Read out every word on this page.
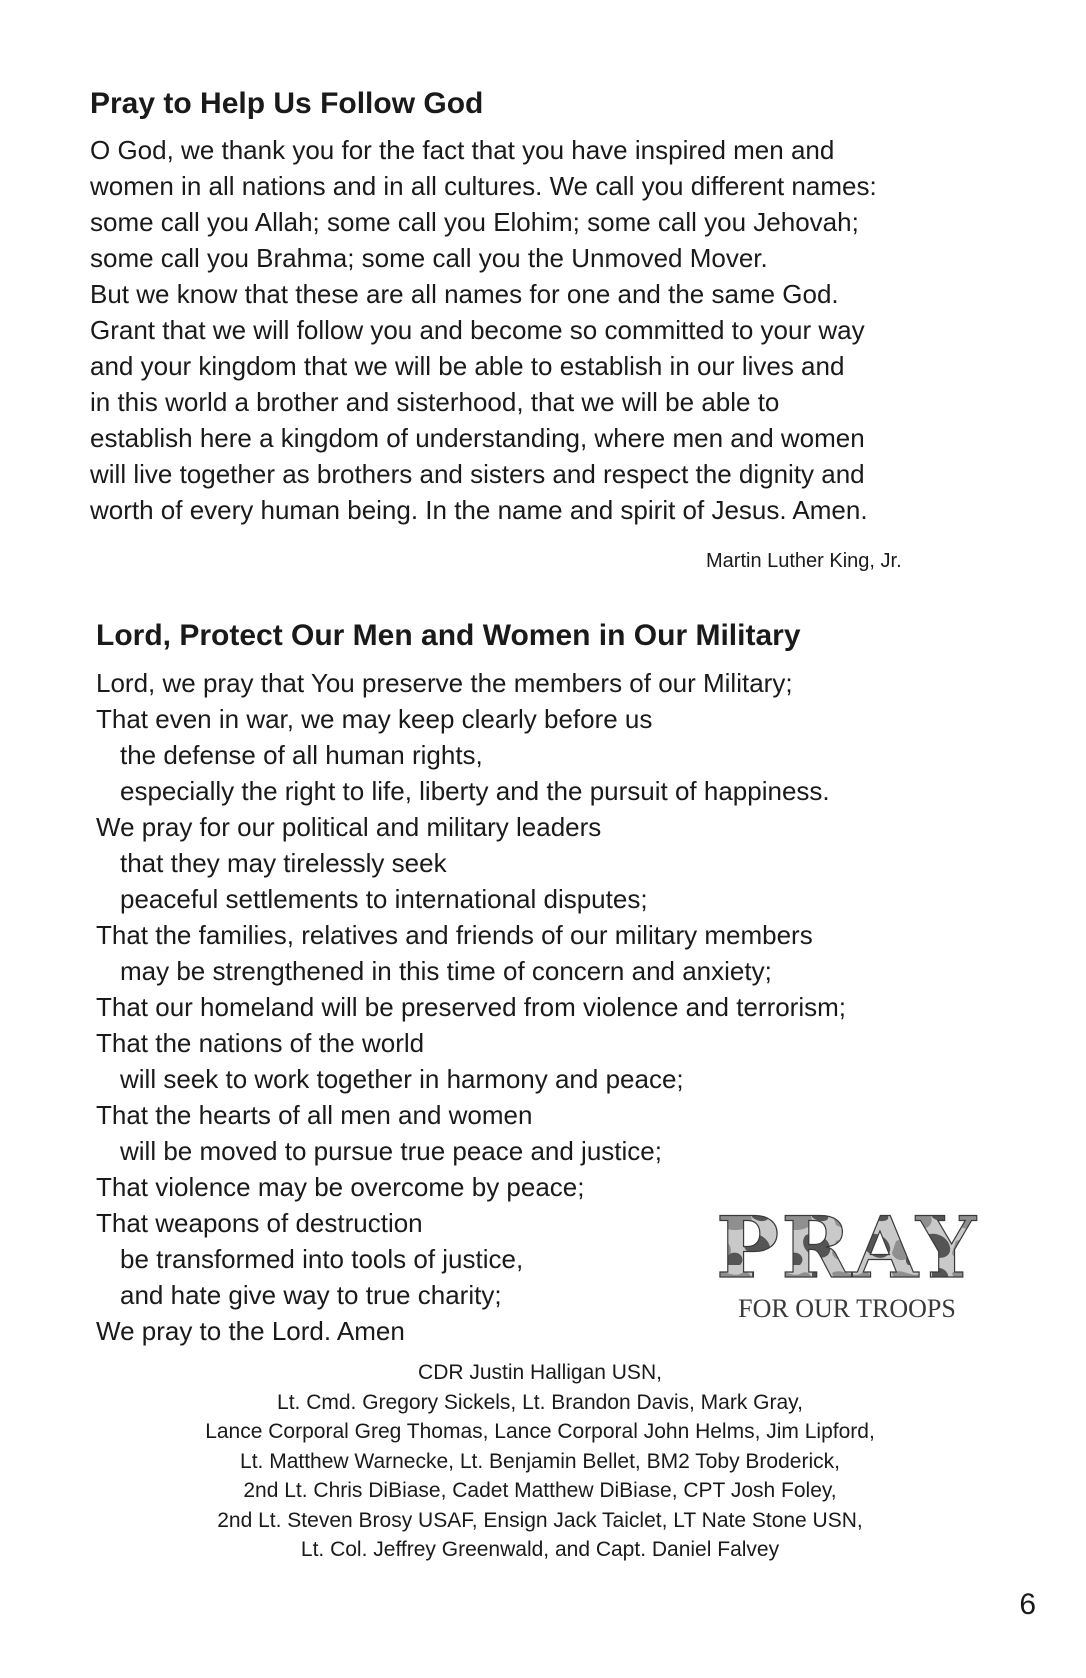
Pray to Help Us Follow God
O God, we thank you for the fact that you have inspired men and
women in all nations and in all cultures. We call you different names:
some call you Allah; some call you Elohim; some call you Jehovah;
some call you Brahma; some call you the Unmoved Mover.
But we know that these are all names for one and the same God.
Grant that we will follow you and become so committed to your way
and your kingdom that we will be able to establish in our lives and
in this world a brother and sisterhood, that we will be able to
establish here a kingdom of understanding, where men and women
will live together as brothers and sisters and respect the dignity and
worth of every human being. In the name and spirit of Jesus. Amen.
Martin Luther King, Jr.
Lord, Protect Our Men and Women in Our Military
Lord, we pray that You preserve the members of our Military;
That even in war, we may keep clearly before us
the defense of all human rights,
especially the right to life, liberty and the pursuit of happiness.
We pray for our political and military leaders
that they may tirelessly seek
peaceful settlements to international disputes;
That the families, relatives and friends of our military members
may be strengthened in this time of concern and anxiety;
That our homeland will be preserved from violence and terrorism;
That the nations of the world
will seek to work together in harmony and peace;
That the hearts of all men and women
will be moved to pursue true peace and justice;
That violence may be overcome by peace;
That weapons of destruction
be transformed into tools of justice,
and hate give way to true charity;
We pray to the Lord. Amen
PRAY
FOR OUR TROOPS
CDR Justin Halligan USN,
Lt. Cmd. Gregory Sickels, Lt. Brandon Davis, Mark Gray,
Lance Corporal Greg Thomas, Lance Corporal John Helms, Jim Lipford,
Lt. Matthew Warnecke, Lt. Benjamin Bellet, BM2 Toby Broderick,
2nd Lt. Chris DiBiase, Cadet Matthew DiBiase, CPT Josh Foley,
2nd Lt. Steven Brosy USAF, Ensign Jack Taiclet, LT Nate Stone USN,
Lt. Col. Jeffrey Greenwald, and Capt. Daniel Falvey
6
